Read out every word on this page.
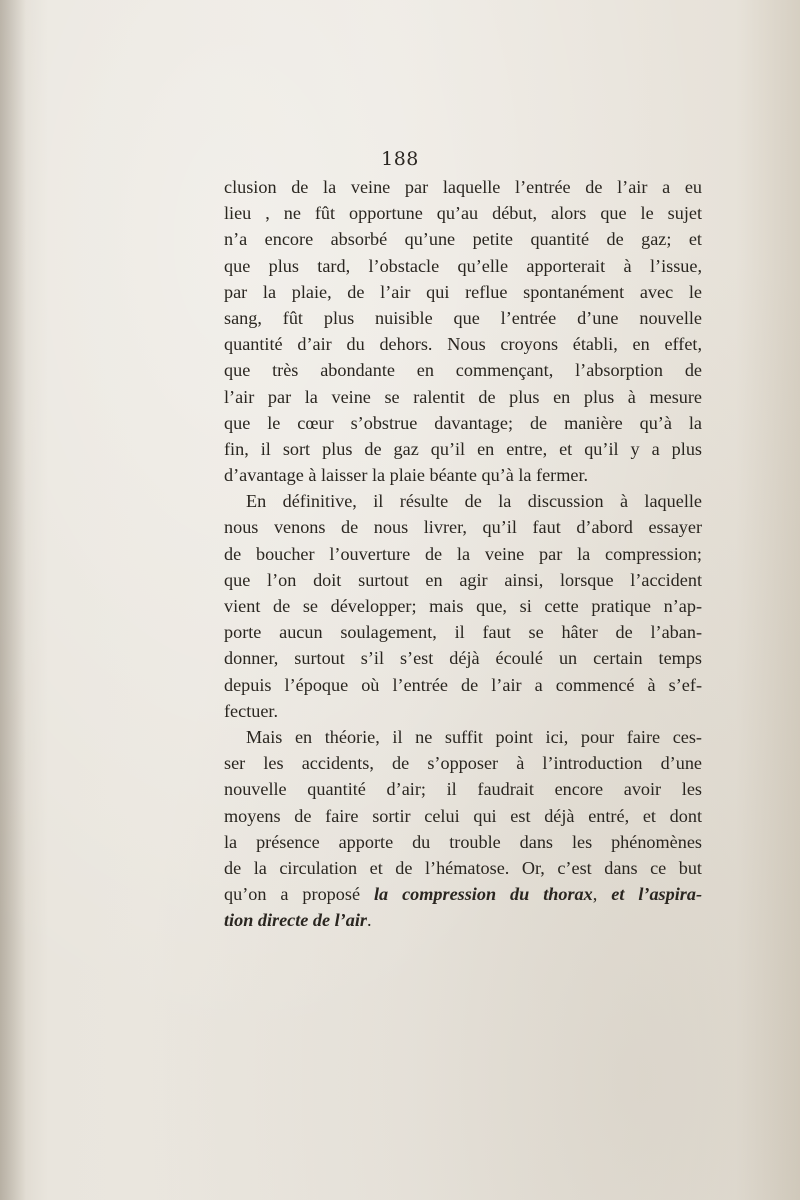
188
clusion de la veine par laquelle l’entrée de l’air a eu
lieu , ne fût opportune qu’au début, alors que le sujet
n’a encore absorbé qu’une petite quantité de gaz; et
que plus tard, l’obstacle qu’elle apporterait à l’issue,
par la plaie, de l’air qui reflue spontanément avec le
sang, fût plus nuisible que l’entrée d’une nouvelle
quantité d’air du dehors. Nous croyons établi, en effet,
que très abondante en commençant, l’absorption de
l’air par la veine se ralentit de plus en plus à mesure
que le cœur s’obstrue davantage; de manière qu’à la
fin, il sort plus de gaz qu’il en entre, et qu’il y a plus
d’avantage à laisser la plaie béante qu’à la fermer.
En définitive, il résulte de la discussion à laquelle
nous venons de nous livrer, qu’il faut d’abord essayer
de boucher l’ouverture de la veine par la compression;
que l’on doit surtout en agir ainsi, lorsque l’accident
vient de se développer; mais que, si cette pratique n’ap-
porte aucun soulagement, il faut se hâter de l’aban-
donner, surtout s’il s’est déjà écoulé un certain temps
depuis l’époque où l’entrée de l’air a commencé à s’ef-
fectuer.
Mais en théorie, il ne suffit point ici, pour faire ces-
ser les accidents, de s’opposer à l’introduction d’une
nouvelle quantité d’air; il faudrait encore avoir les
moyens de faire sortir celui qui est déjà entré, et dont
la présence apporte du trouble dans les phénomènes
de la circulation et de l’hématose. Or, c’est dans ce but
qu’on a proposé la compression du thorax, et l’aspira-
tion directe de l’air.
